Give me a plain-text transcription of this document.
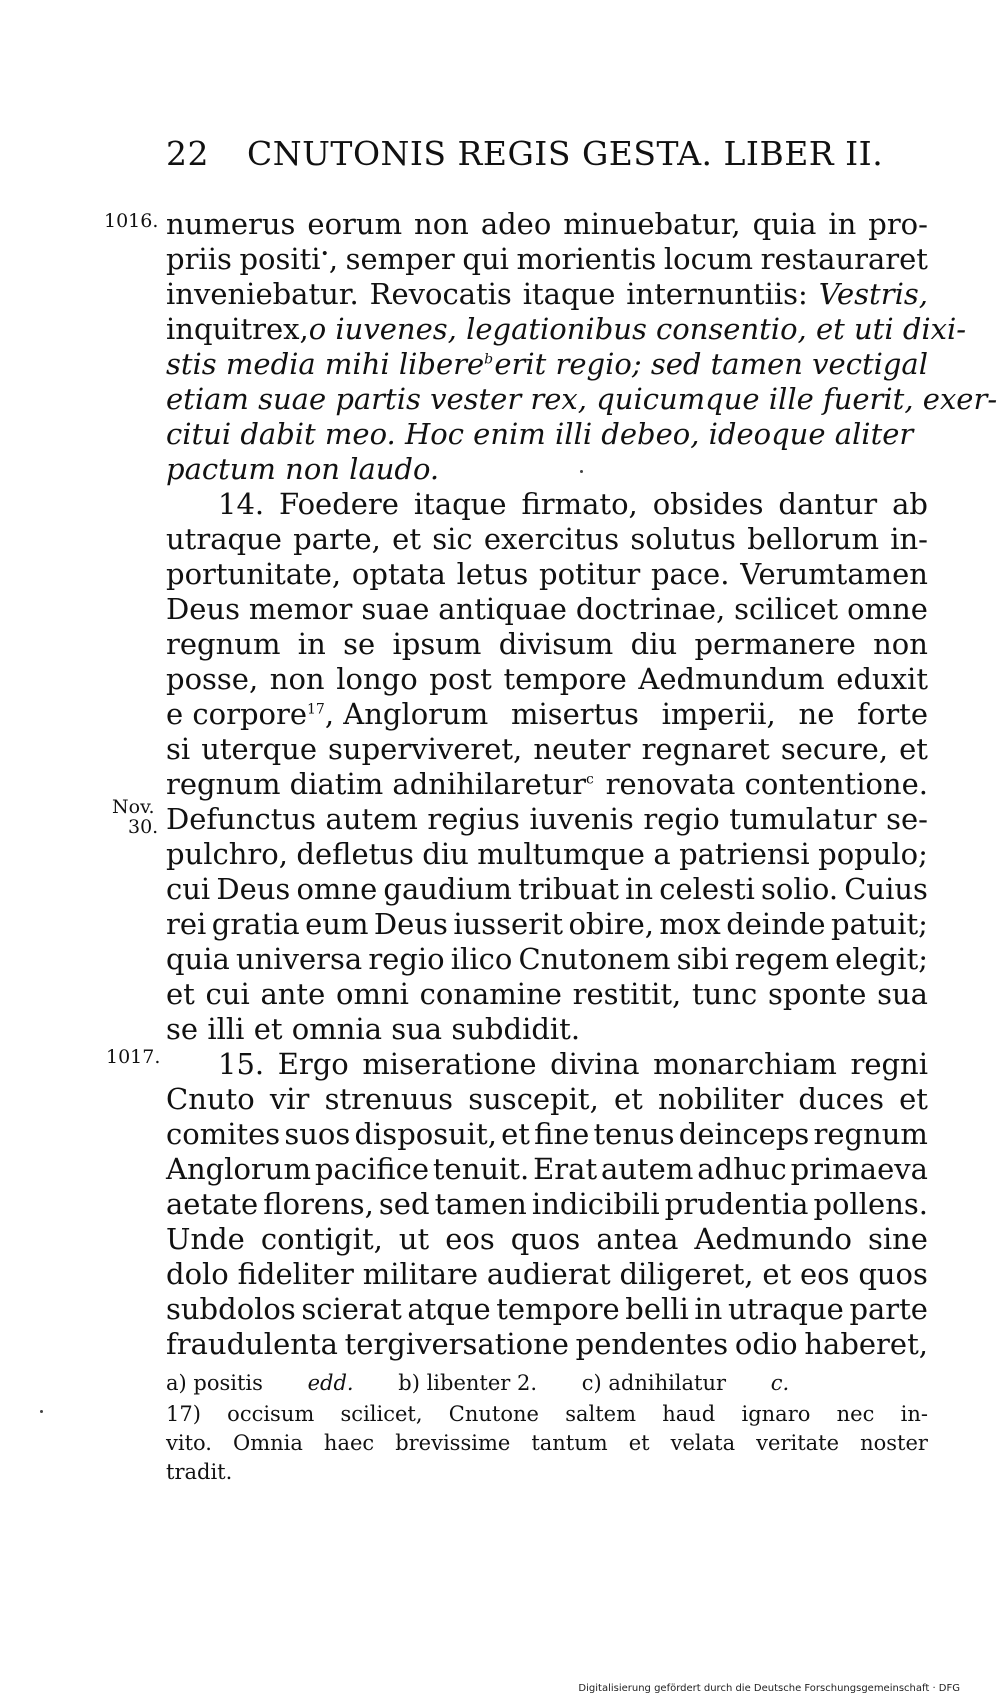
22 CNUTONIS REGIS GESTA. LIBER II.
1016.
Nov.
30.
1017.
numerus eorum non adeo minuebatur, quia in pro-
priis positi•, semper qui morientis locum restauraret
inveniebatur. Revocatis itaque internuntiis: Vestris,
inquit rex, o iuvenes, legationibus consentio, et uti dixi-
stis media mihi libere$^b$ erit regio; sed tamen vectigal
etiam suae partis vester rex, quicumque ille fuerit, exer-
citui dabit meo. Hoc enim illi debeo, ideoque aliter
pactum non laudo.
14. Foedere itaque firmato, obsides dantur ab
utraque parte, et sic exercitus solutus bellorum in-
portunitate, optata letus potitur pace. Verumtamen
Deus memor suae antiquae doctrinae, scilicet omne
regnum in se ipsum divisum diu permanere non
posse, non longo post tempore Aedmundum eduxit
e corpore$^{17}$, Anglorum misertus imperii, ne forte
si uterque superviveret, neuter regnaret secure, et
regnum diatim adnihilaretur$^c$ renovata contentione.
Defunctus autem regius iuvenis regio tumulatur se-
pulchro, defletus diu multumque a patriensi populo;
cui Deus omne gaudium tribuat in celesti solio. Cuius
rei gratia eum Deus iusserit obire, mox deinde patuit;
quia universa regio ilico Cnutonem sibi regem elegit;
et cui ante omni conamine restitit, tunc sponte sua
se illi et omnia sua subdidit.
15. Ergo miseratione divina monarchiam regni
Cnuto vir strenuus suscepit, et nobiliter duces et
comites suos disposuit, et fine tenus deinceps regnum
Anglorum pacifice tenuit. Erat autem adhuc primaeva
aetate florens, sed tamen indicibili prudentia pollens.
Unde contigit, ut eos quos antea Aedmundo sine
dolo fideliter militare audierat diligeret, et eos quos
subdolos scierat atque tempore belli in utraque parte
fraudulenta tergiversatione pendentes odio haberet,
a) positis edd. b) libenter 2. c) adnihilatur c.
17) occisum scilicet, Cnutone saltem haud ignaro nec in-
vito. Omnia haec brevissime tantum et velata veritate noster
tradit.
Digitalisierung gefördert durch die Deutsche Forschungsgemeinschaft · DFG
